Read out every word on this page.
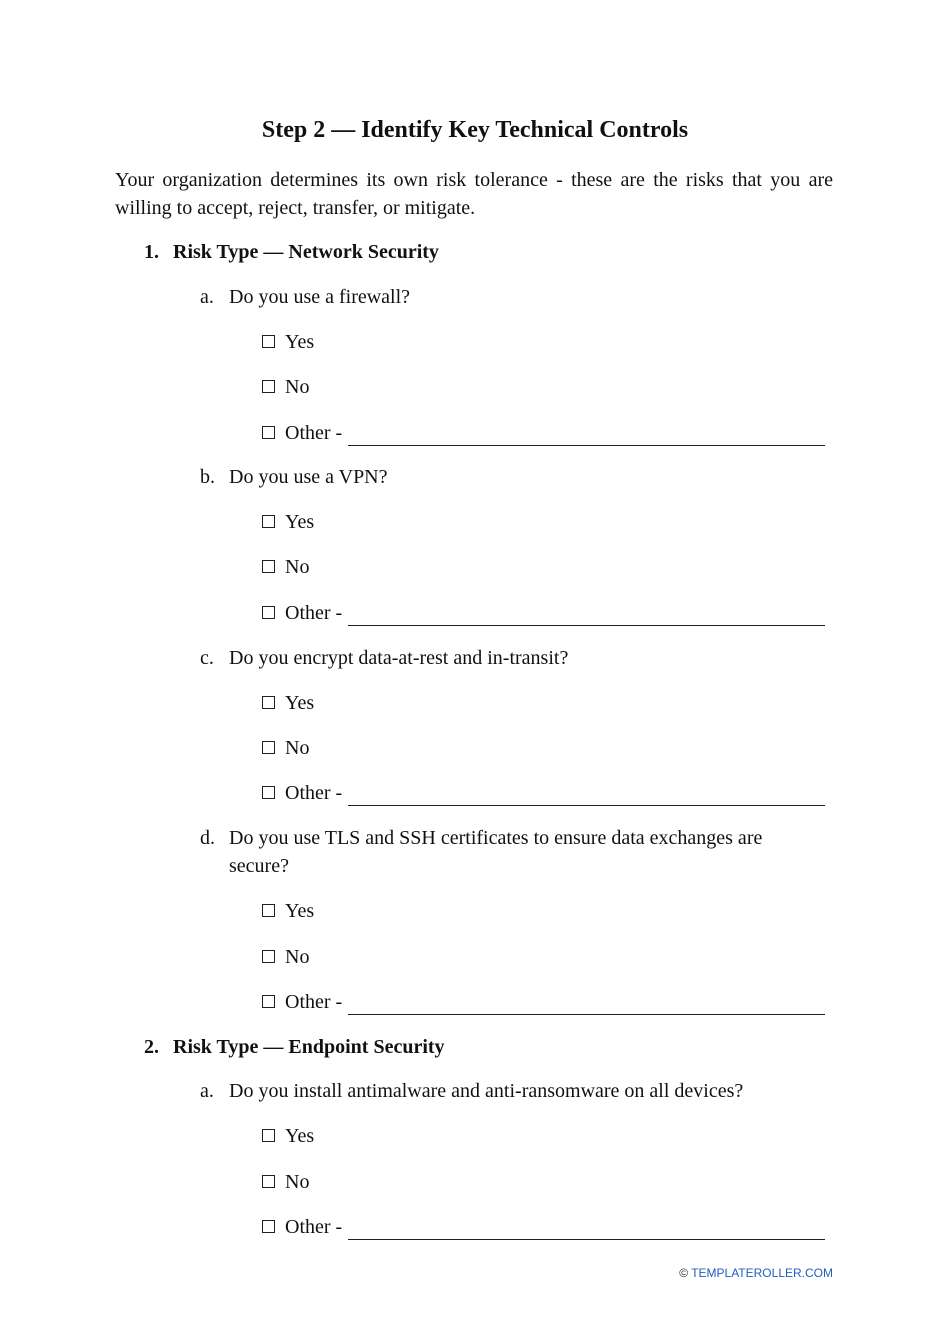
Step 2 — Identify Key Technical Controls

Your organization determines its own risk tolerance - these are the risks that you are willing to accept, reject, transfer, or mitigate.

1. Risk Type — Network Security
a. Do you use a firewall?
Yes
No
Other -
b. Do you use a VPN?
Yes
No
Other -
c. Do you encrypt data-at-rest and in-transit?
Yes
No
Other -
d. Do you use TLS and SSH certificates to ensure data exchanges are secure?
Yes
No
Other -
2. Risk Type — Endpoint Security
a. Do you install antimalware and anti-ransomware on all devices?
Yes
No
Other -
© TEMPLATEROLLER.COM
